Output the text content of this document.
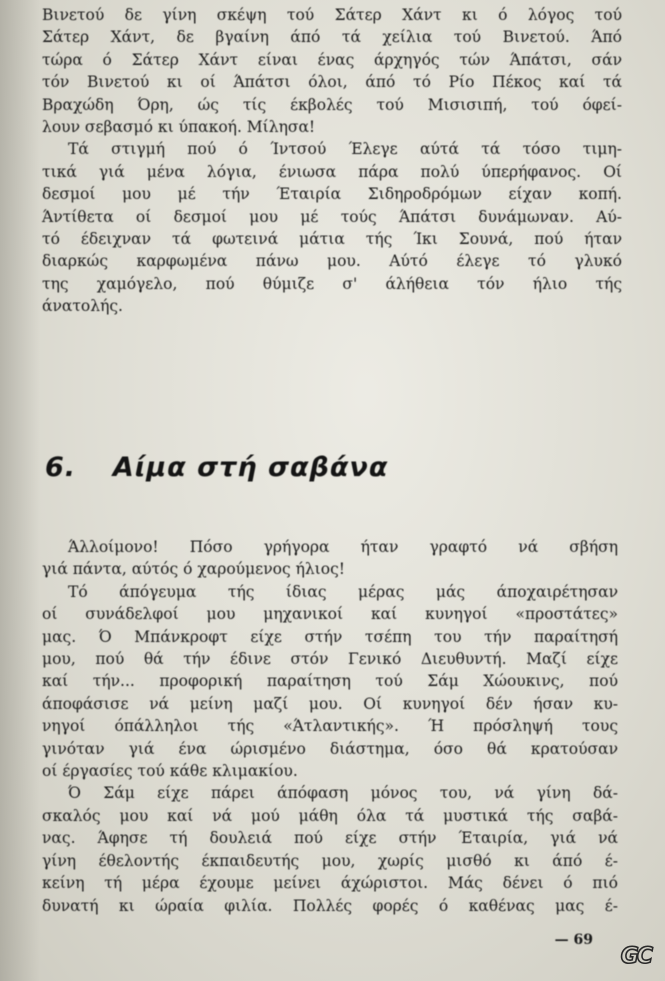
Βινετού δε γίνη σκέψη τού Σάτερ Χάντ κι ό λόγος τού
Σάτερ Χάντ, δε βγαίνη άπό τά χείλια τού Βινετού. Άπό
τώρα ό Σάτερ Χάντ είναι ένας άρχηγός τών Άπάτσι, σάν
τόν Βινετού κι οί Άπάτσι όλοι, άπό τό Ρίο Πέκος καί τά
Βραχώδη Όρη, ώς τίς έκβολές τού Μισισιπή, τού όφεί-
λουν σεβασμό κι ύπακοή. Μίλησα!
Τά στιγμή πού ό Ίντσού Έλεγε αύτά τά τόσο τιμη-
τικά γιά μένα λόγια, ένιωσα πάρα πολύ ύπερήφανος. Οί
δεσμοί μου μέ τήν Έταιρία Σιδηροδρόμων είχαν κοπή.
Άντίθετα οί δεσμοί μου μέ τούς Άπάτσι δυνάμωναν. Αύ-
τό έδειχναν τά φωτεινά μάτια τής Ίκι Σουνά, πού ήταν
διαρκώς καρφωμένα πάνω μου. Αύτό έλεγε τό γλυκό
της χαμόγελο, πού θύμιζε σ' άλήθεια τόν ήλιο τής
άνατολής.
6. Αίμα στή σαβάνα
Άλλοίμονο! Πόσο γρήγορα ήταν γραφτό νά σβήση
γιά πάντα, αύτός ό χαρούμενος ήλιος!
Τό άπόγευμα τής ίδιας μέρας μάς άποχαιρέτησαν
οί συνάδελφοί μου μηχανικοί καί κυνηγοί «προστάτες»
μας. Ό Μπάνκροφτ είχε στήν τσέπη του τήν παραίτησή
μου, πού θά τήν έδινε στόν Γενικό Διευθυντή. Μαζί είχε
καί τήν... προφορική παραίτηση τού Σάμ Χώουκινς, πού
άποφάσισε νά μείνη μαζί μου. Οί κυνηγοί δέν ήσαν κυ-
νηγοί όπάλληλοι τής «Άτλαντικής». Ή πρόσληψή τους
γινόταν γιά ένα ώρισμένο διάστημα, όσο θά κρατούσαν
οί έργασίες τού κάθε κλιμακίου.
Ό Σάμ είχε πάρει άπόφαση μόνος του, νά γίνη δά-
σκαλός μου καί νά μού μάθη όλα τά μυστικά τής σαβά-
νας. Άφησε τή δουλειά πού είχε στήν Έταιρία, γιά νά
γίνη έθελοντής έκπαιδευτής μου, χωρίς μισθό κι άπό έ-
κείνη τή μέρα έχουμε μείνει άχώριστοι. Μάς δένει ό πιό
δυνατή κι ώραία φιλία. Πολλές φορές ό καθένας μας έ-
— 69
GC
